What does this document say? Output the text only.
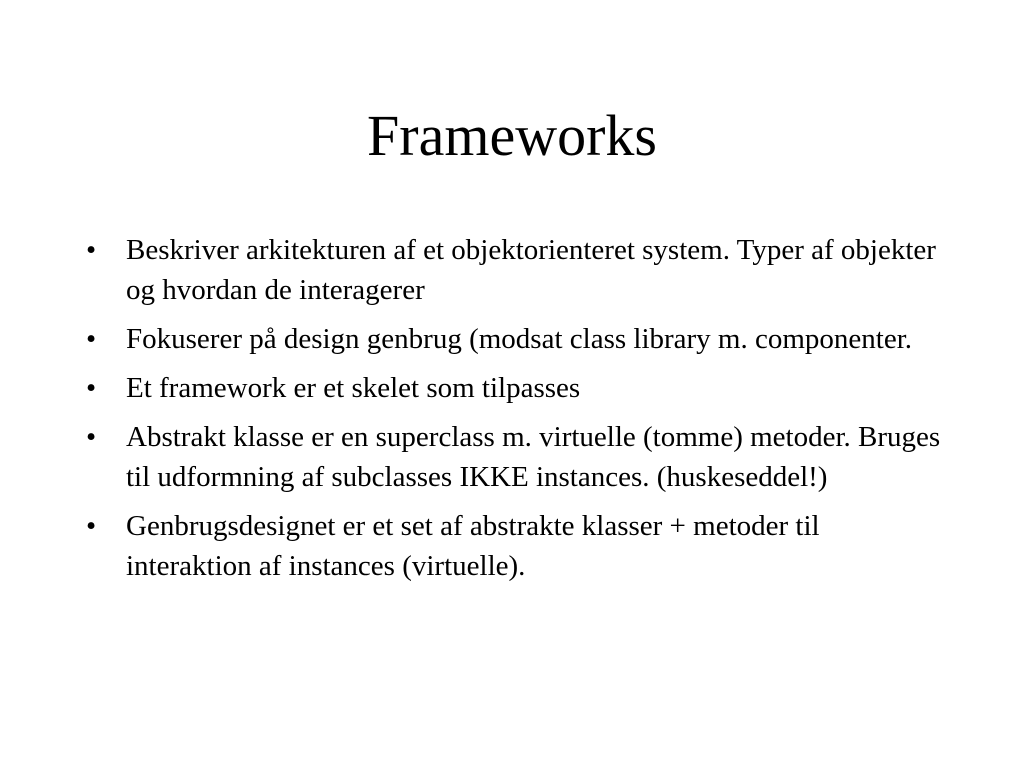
Frameworks
•	Beskriver arkitekturen af et objektorienteret system. Typer af objekter og hvordan de interagerer
•	Fokuserer på design genbrug (modsat class library m. componenter.
•	Et framework er et skelet som tilpasses
•	Abstrakt klasse er en superclass m. virtuelle (tomme) metoder. Bruges til udformning af subclasses IKKE instances. (huskeseddel!)
•	Genbrugsdesignet er et set af abstrakte klasser + metoder til interaktion af instances (virtuelle).
